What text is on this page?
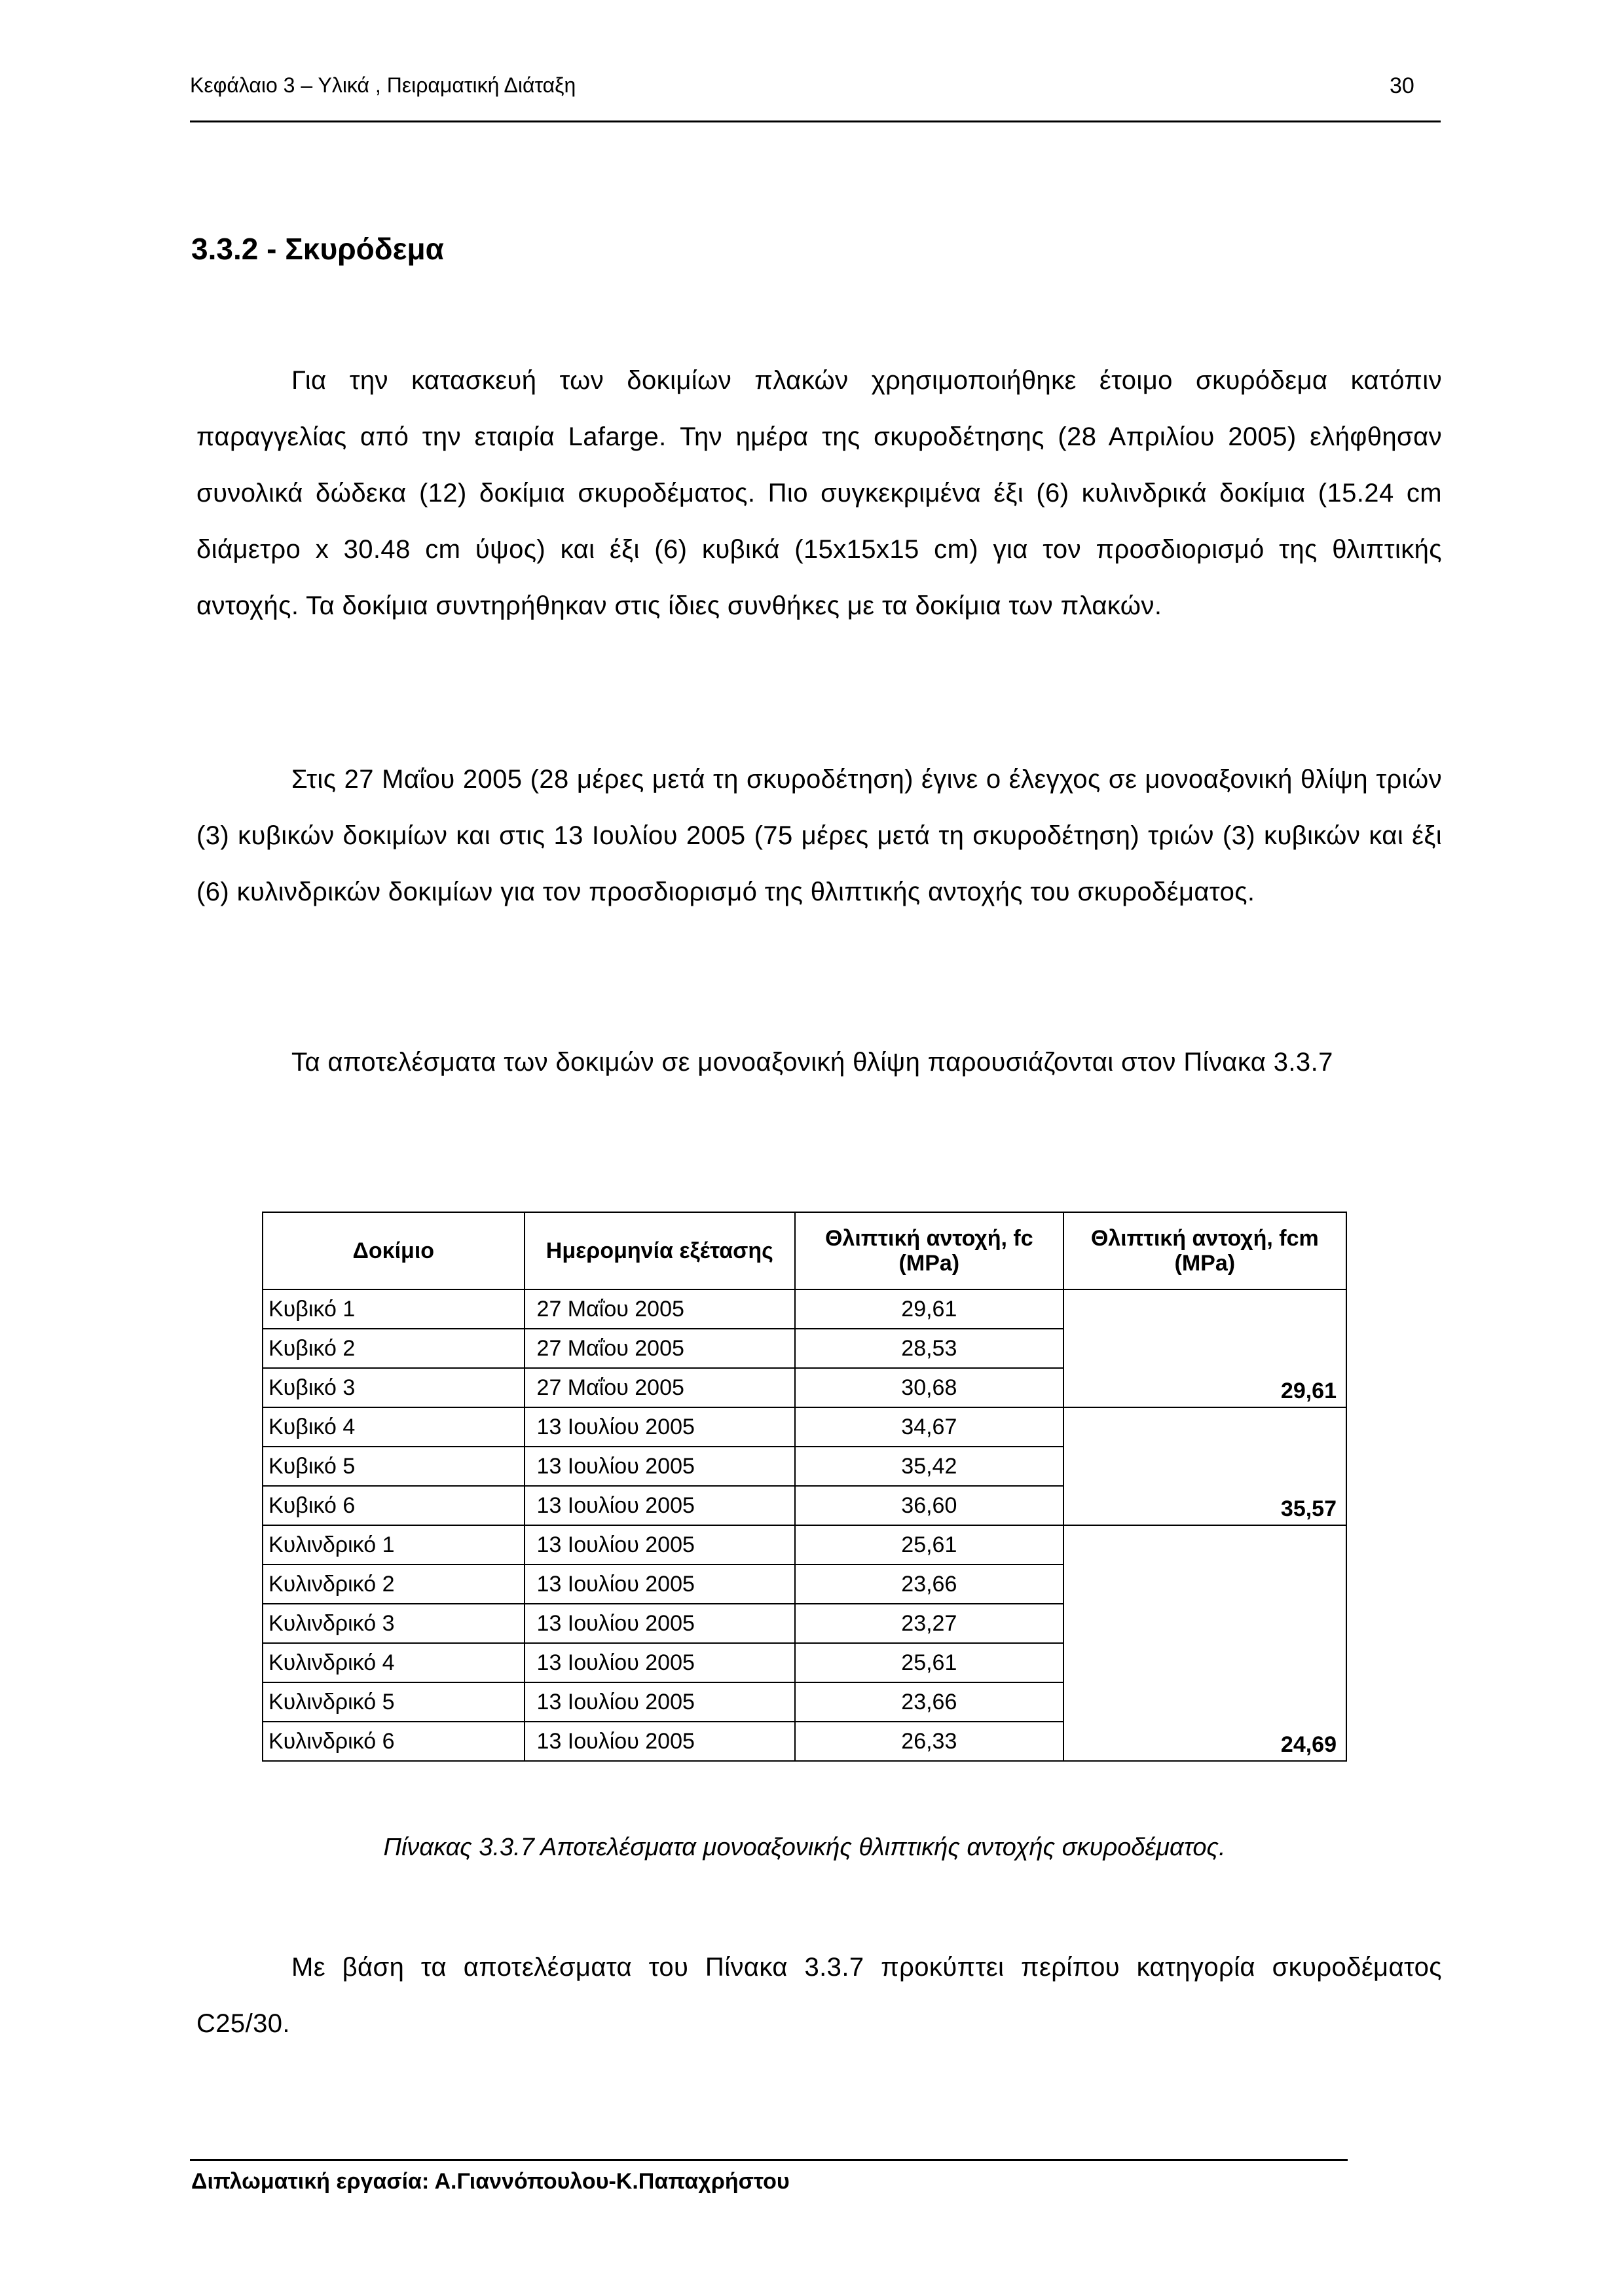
Κεφάλαιο 3 – Υλικά , Πειραματική Διάταξη	30
3.3.2 - Σκυρόδεμα
Για την κατασκευή των δοκιμίων πλακών χρησιμοποιήθηκε έτοιμο σκυρόδεμα κατόπιν παραγγελίας από την εταιρία Lafarge. Την ημέρα της σκυροδέτησης (28 Απριλίου 2005) ελήφθησαν συνολικά δώδεκα (12) δοκίμια σκυροδέματος. Πιο συγκεκριμένα έξι (6) κυλινδρικά δοκίμια (15.24 cm διάμετρο x 30.48 cm ύψος) και έξι (6) κυβικά (15x15x15 cm) για τον προσδιορισμό της θλιπτικής αντοχής. Τα δοκίμια συντηρήθηκαν στις ίδιες συνθήκες με τα δοκίμια των πλακών.
Στις 27 Μαΐου 2005 (28 μέρες μετά τη σκυροδέτηση) έγινε ο έλεγχος σε μονοαξονική θλίψη τριών (3) κυβικών δοκιμίων και στις 13 Ιουλίου 2005 (75 μέρες μετά τη σκυροδέτηση) τριών (3) κυβικών και έξι (6) κυλινδρικών δοκιμίων για τον προσδιορισμό της θλιπτικής αντοχής του σκυροδέματος.
Τα αποτελέσματα των δοκιμών σε μονοαξονική θλίψη παρουσιάζονται στον Πίνακα 3.3.7
Δοκίμιο	Ημερομηνία εξέτασης	Θλιπτική αντοχή, fc (MPa)	Θλιπτική αντοχή, fcm (MPa)
Κυβικό 1	27 Μαΐου 2005	29,61	29,61
Κυβικό 2	27 Μαΐου 2005	28,53	
Κυβικό 3	27 Μαΐου 2005	30,68	
Κυβικό 4	13 Ιουλίου 2005	34,67	35,57
Κυβικό 5	13 Ιουλίου 2005	35,42	
Κυβικό 6	13 Ιουλίου 2005	36,60	
Κυλινδρικό 1	13 Ιουλίου 2005	25,61	24,69
Κυλινδρικό 2	13 Ιουλίου 2005	23,66	
Κυλινδρικό 3	13 Ιουλίου 2005	23,27	
Κυλινδρικό 4	13 Ιουλίου 2005	25,61	
Κυλινδρικό 5	13 Ιουλίου 2005	23,66	
Κυλινδρικό 6	13 Ιουλίου 2005	26,33	
Πίνακας 3.3.7 Αποτελέσματα μονοαξονικής θλιπτικής αντοχής σκυροδέματος.
Με βάση τα αποτελέσματα του Πίνακα 3.3.7 προκύπτει περίπου κατηγορία σκυροδέματος C25/30.
Διπλωματική εργασία: Α.Γιαννόπουλου-Κ.Παπαχρήστου
